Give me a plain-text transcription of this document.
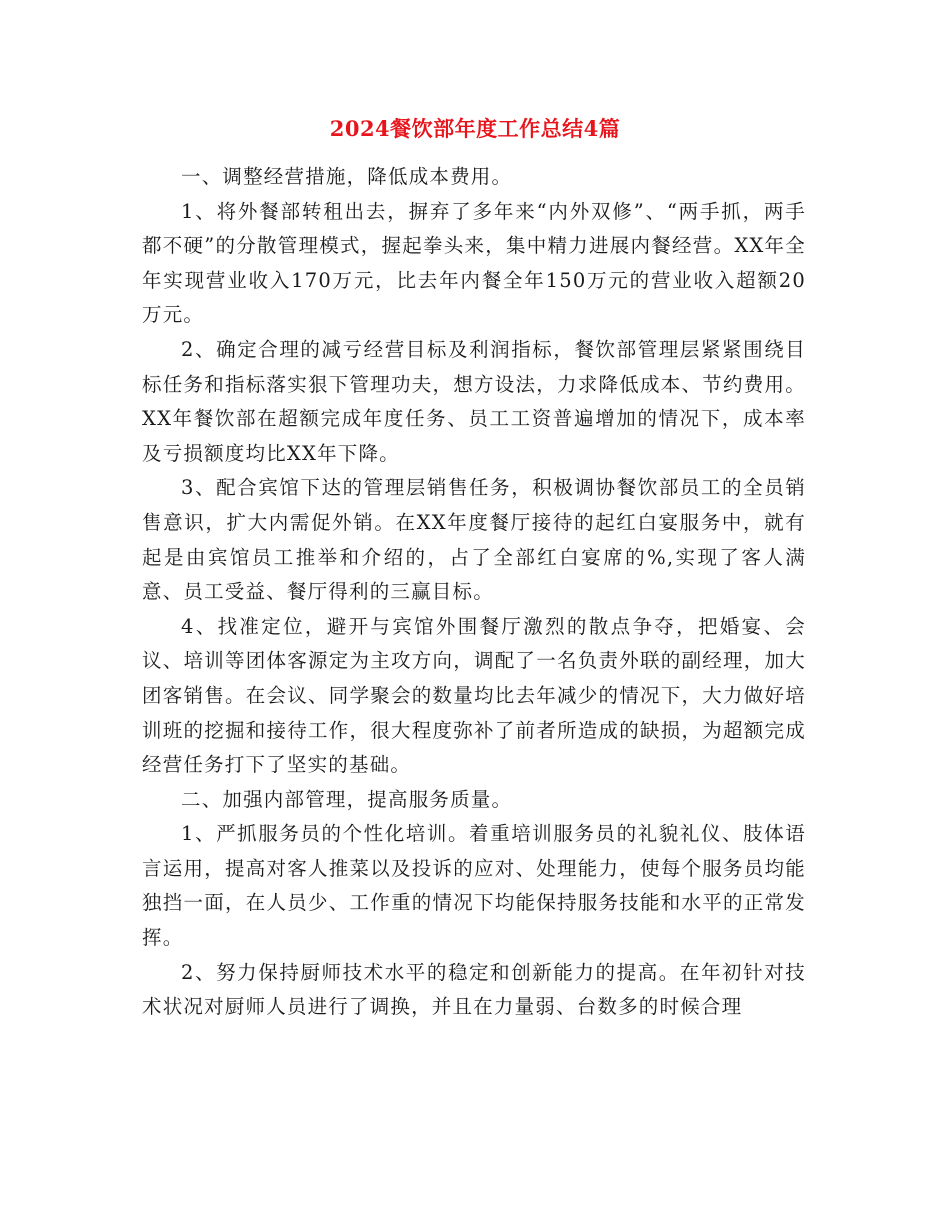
2024餐饮部年度工作总结4篇

一、调整经营措施，降低成本费用。

1、将外餐部转租出去，摒弃了多年来“内外双修”、“两手抓，两手都不硬”的分散管理模式，握起拳头来，集中精力进展内餐经营。XX年全年实现营业收入170万元，比去年内餐全年150万元的营业收入超额20万元。

2、确定合理的减亏经营目标及利润指标，餐饮部管理层紧紧围绕目标任务和指标落实狠下管理功夫，想方设法，力求降低成本、节约费用。XX年餐饮部在超额完成年度任务、员工工资普遍增加的情况下，成本率及亏损额度均比XX年下降。

3、配合宾馆下达的管理层销售任务，积极调协餐饮部员工的全员销售意识，扩大内需促外销。在XX年度餐厅接待的起红白宴服务中，就有起是由宾馆员工推举和介绍的，占了全部红白宴席的%,实现了客人满意、员工受益、餐厅得利的三赢目标。

4、找准定位，避开与宾馆外围餐厅激烈的散点争夺，把婚宴、会议、培训等团体客源定为主攻方向，调配了一名负责外联的副经理，加大团客销售。在会议、同学聚会的数量均比去年减少的情况下，大力做好培训班的挖掘和接待工作，很大程度弥补了前者所造成的缺损，为超额完成经营任务打下了坚实的基础。

二、加强内部管理，提高服务质量。

1、严抓服务员的个性化培训。着重培训服务员的礼貌礼仪、肢体语言运用，提高对客人推菜以及投诉的应对、处理能力，使每个服务员均能独挡一面，在人员少、工作重的情况下均能保持服务技能和水平的正常发挥。

2、努力保持厨师技术水平的稳定和创新能力的提高。在年初针对技术状况对厨师人员进行了调换，并且在力量弱、台数多的时候合理
